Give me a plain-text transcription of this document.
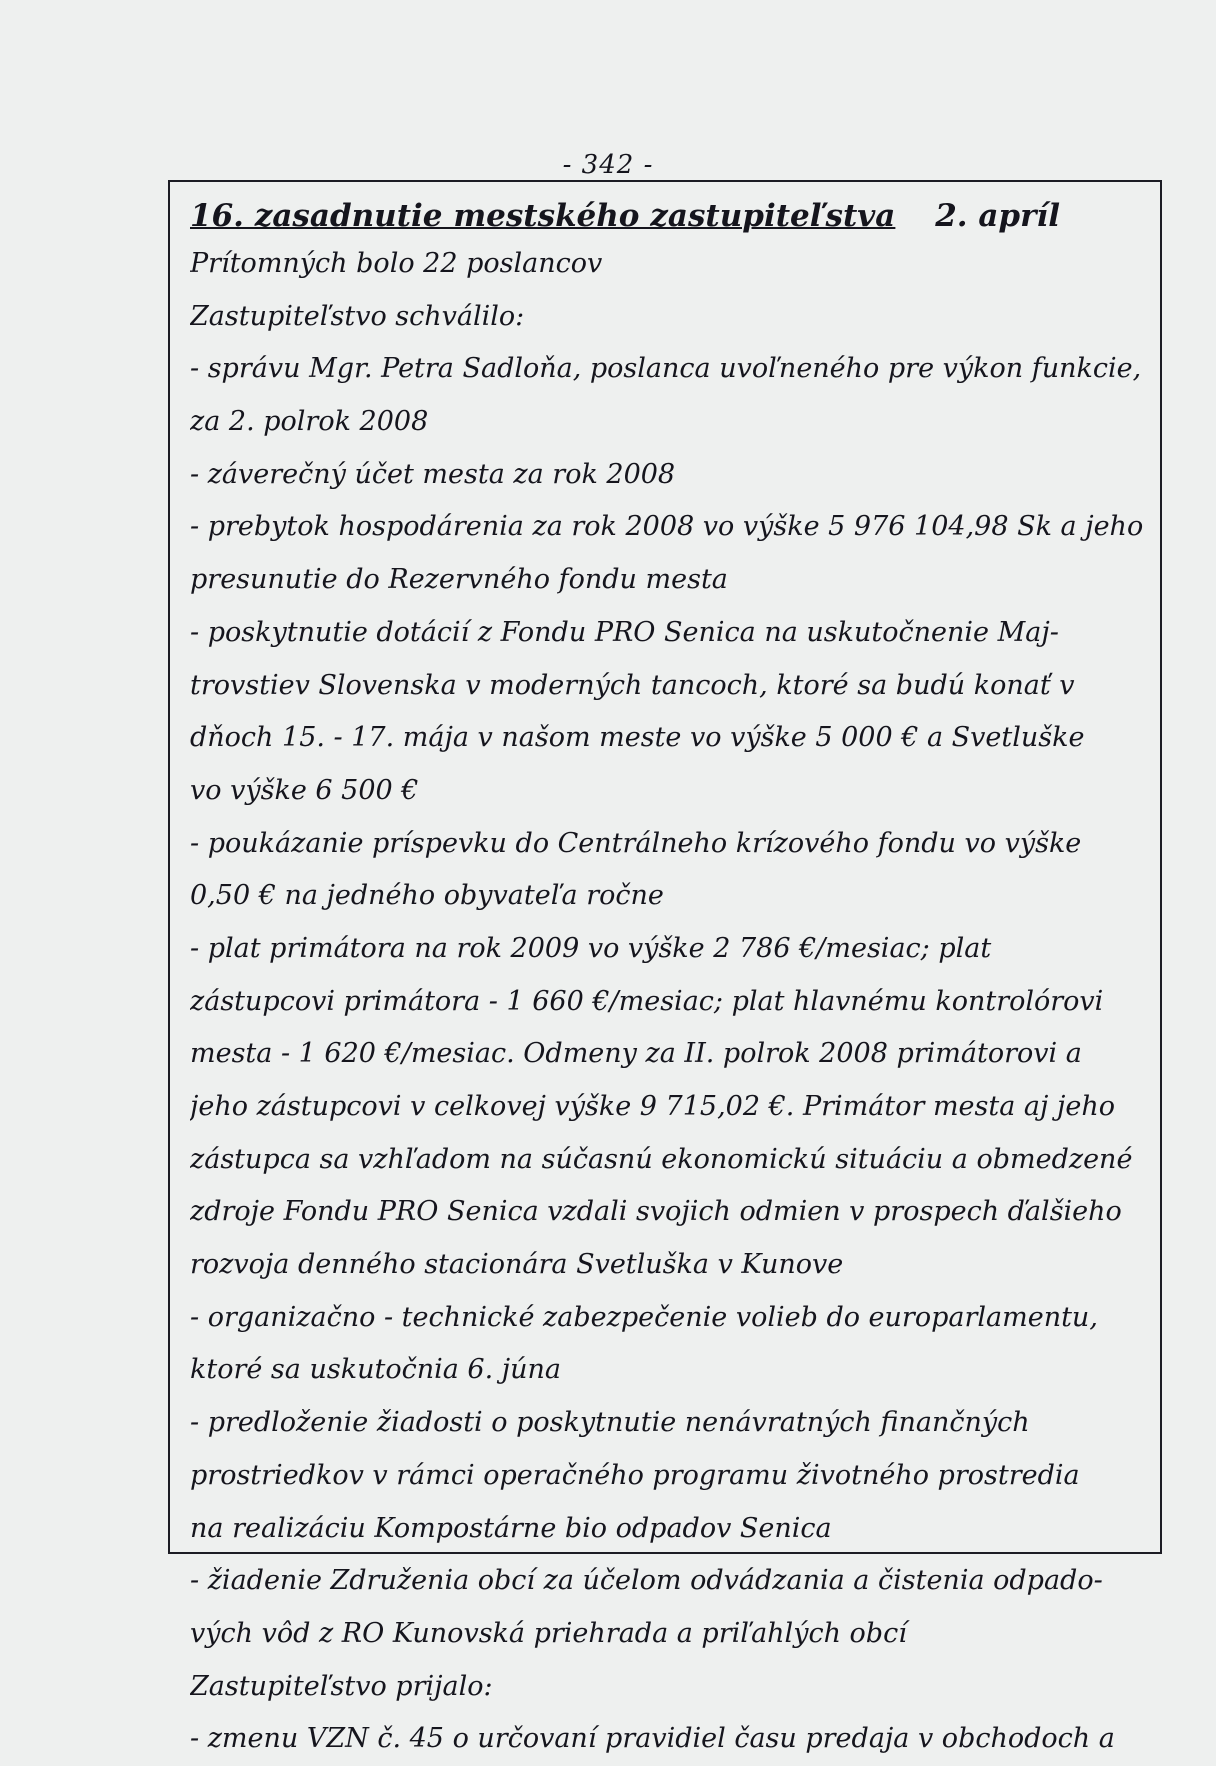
- 342 -
16. zasadnutie mestského zastupiteľstva 2. apríl
Prítomných bolo 22 poslancov
Zastupiteľstvo schválilo:
- správu Mgr. Petra Sadloňa, poslanca uvoľneného pre výkon funkcie,
za 2. polrok 2008
- záverečný účet mesta za rok 2008
- prebytok hospodárenia za rok 2008 vo výške 5 976 104,98 Sk a jeho
presunutie do Rezervného fondu mesta
- poskytnutie dotácií z Fondu PRO Senica na uskutočnenie Maj-
trovstiev Slovenska v moderných tancoch, ktoré sa budú konať v
dňoch 15. - 17. mája v našom meste vo výške 5 000 € a Svetluške
vo výške 6 500 €
- poukázanie príspevku do Centrálneho krízového fondu vo výške
0,50 € na jedného obyvateľa ročne
- plat primátora na rok 2009 vo výške 2 786 €/mesiac; plat
zástupcovi primátora - 1 660 €/mesiac; plat hlavnému kontrolórovi
mesta - 1 620 €/mesiac. Odmeny za II. polrok 2008 primátorovi a
jeho zástupcovi v celkovej výške 9 715,02 €. Primátor mesta aj jeho
zástupca sa vzhľadom na súčasnú ekonomickú situáciu a obmedzené
zdroje Fondu PRO Senica vzdali svojich odmien v prospech ďalšieho
rozvoja denného stacionára Svetluška v Kunove
- organizačno - technické zabezpečenie volieb do europarlamentu,
ktoré sa uskutočnia 6. júna
- predloženie žiadosti o poskytnutie nenávratných finančných
prostriedkov v rámci operačného programu životného prostredia
na realizáciu Kompostárne bio odpadov Senica
- žiadenie Združenia obcí za účelom odvádzania a čistenia odpado-
vých vôd z RO Kunovská priehrada a priľahlých obcí
Zastupiteľstvo prijalo:
- zmenu VZN č. 45 o určovaní pravidiel času predaja v obchodoch a
